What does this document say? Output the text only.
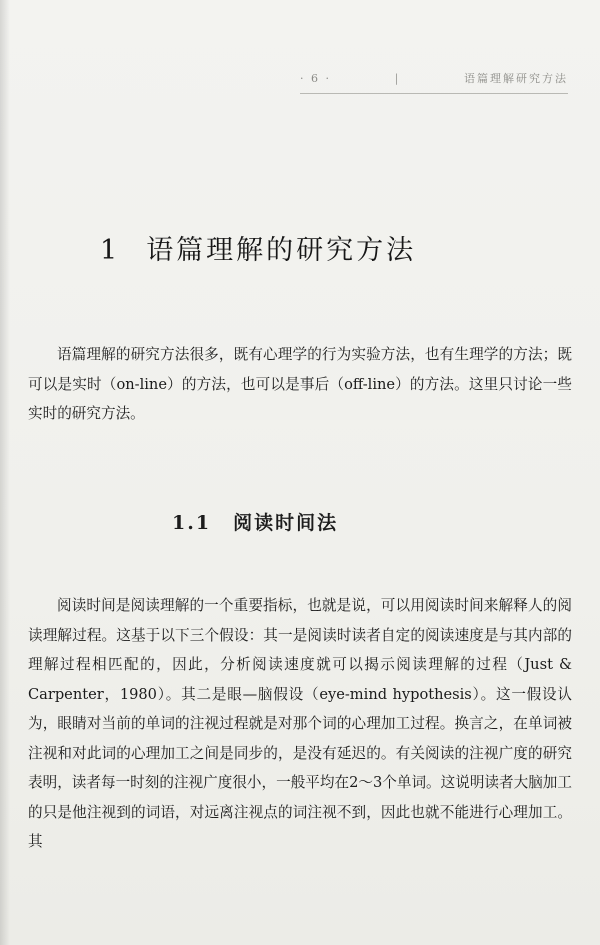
· 6 ·	|	语篇理解研究方法
1 语篇理解的研究方法

语篇理解的研究方法很多，既有心理学的行为实验方法，也有生理学的方法；既可以是实时（on-line）的方法，也可以是事后（off-line）的方法。这里只讨论一些实时的研究方法。

1.1 阅读时间法

阅读时间是阅读理解的一个重要指标，也就是说，可以用阅读时间来解释人的阅读理解过程。这基于以下三个假设：其一是阅读时读者自定的阅读速度是与其内部的理解过程相匹配的，因此，分析阅读速度就可以揭示阅读理解的过程（Just & Carpenter，1980）。其二是眼—脑假设（eye-mind hypothesis）。这一假设认为，眼睛对当前的单词的注视过程就是对那个词的心理加工过程。换言之，在单词被注视和对此词的心理加工之间是同步的，是没有延迟的。有关阅读的注视广度的研究表明，读者每一时刻的注视广度很小，一般平均在2～3个单词。这说明读者大脑加工的只是他注视到的词语，对远离注视点的词注视不到，因此也就不能进行心理加工。其
